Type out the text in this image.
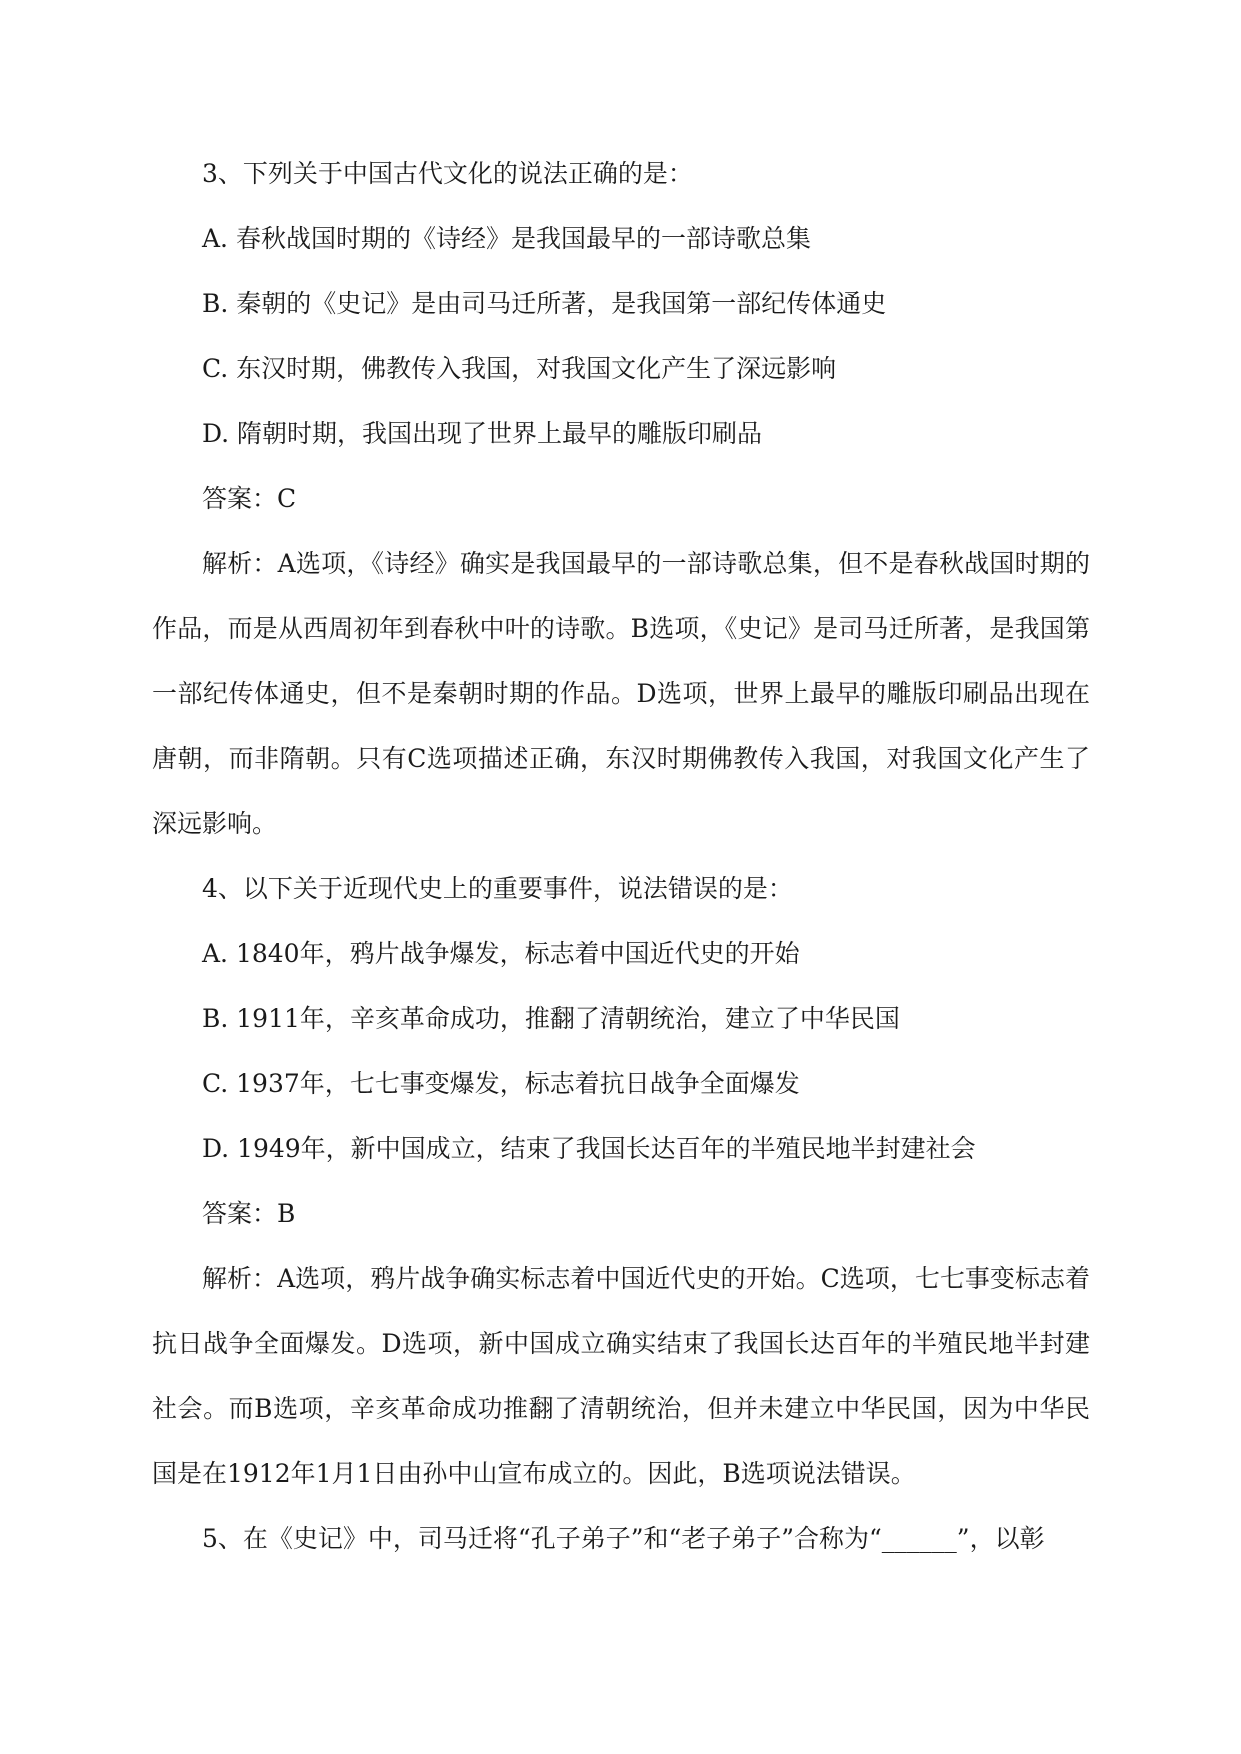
3、下列关于中国古代文化的说法正确的是：
A. 春秋战国时期的《诗经》是我国最早的一部诗歌总集
B. 秦朝的《史记》是由司马迁所著，是我国第一部纪传体通史
C. 东汉时期，佛教传入我国，对我国文化产生了深远影响
D. 隋朝时期，我国出现了世界上最早的雕版印刷品
答案：C

解析：A选项，《诗经》确实是我国最早的一部诗歌总集，但不是春秋战国时期的作品，而是从西周初年到春秋中叶的诗歌。B选项，《史记》是司马迁所著，是我国第一部纪传体通史，但不是秦朝时期的作品。D选项，世界上最早的雕版印刷品出现在唐朝，而非隋朝。只有C选项描述正确，东汉时期佛教传入我国，对我国文化产生了深远影响。

4、以下关于近现代史上的重要事件，说法错误的是：
A. 1840年，鸦片战争爆发，标志着中国近代史的开始
B. 1911年，辛亥革命成功，推翻了清朝统治，建立了中华民国
C. 1937年，七七事变爆发，标志着抗日战争全面爆发
D. 1949年，新中国成立，结束了我国长达百年的半殖民地半封建社会
答案：B

解析：A选项，鸦片战争确实标志着中国近代史的开始。C选项，七七事变标志着抗日战争全面爆发。D选项，新中国成立确实结束了我国长达百年的半殖民地半封建社会。而B选项，辛亥革命成功推翻了清朝统治，但并未建立中华民国，因为中华民国是在1912年1月1日由孙中山宣布成立的。因此，B选项说法错误。

5、在《史记》中，司马迁将“孔子弟子”和“老子弟子”合称为“______”，以彰
